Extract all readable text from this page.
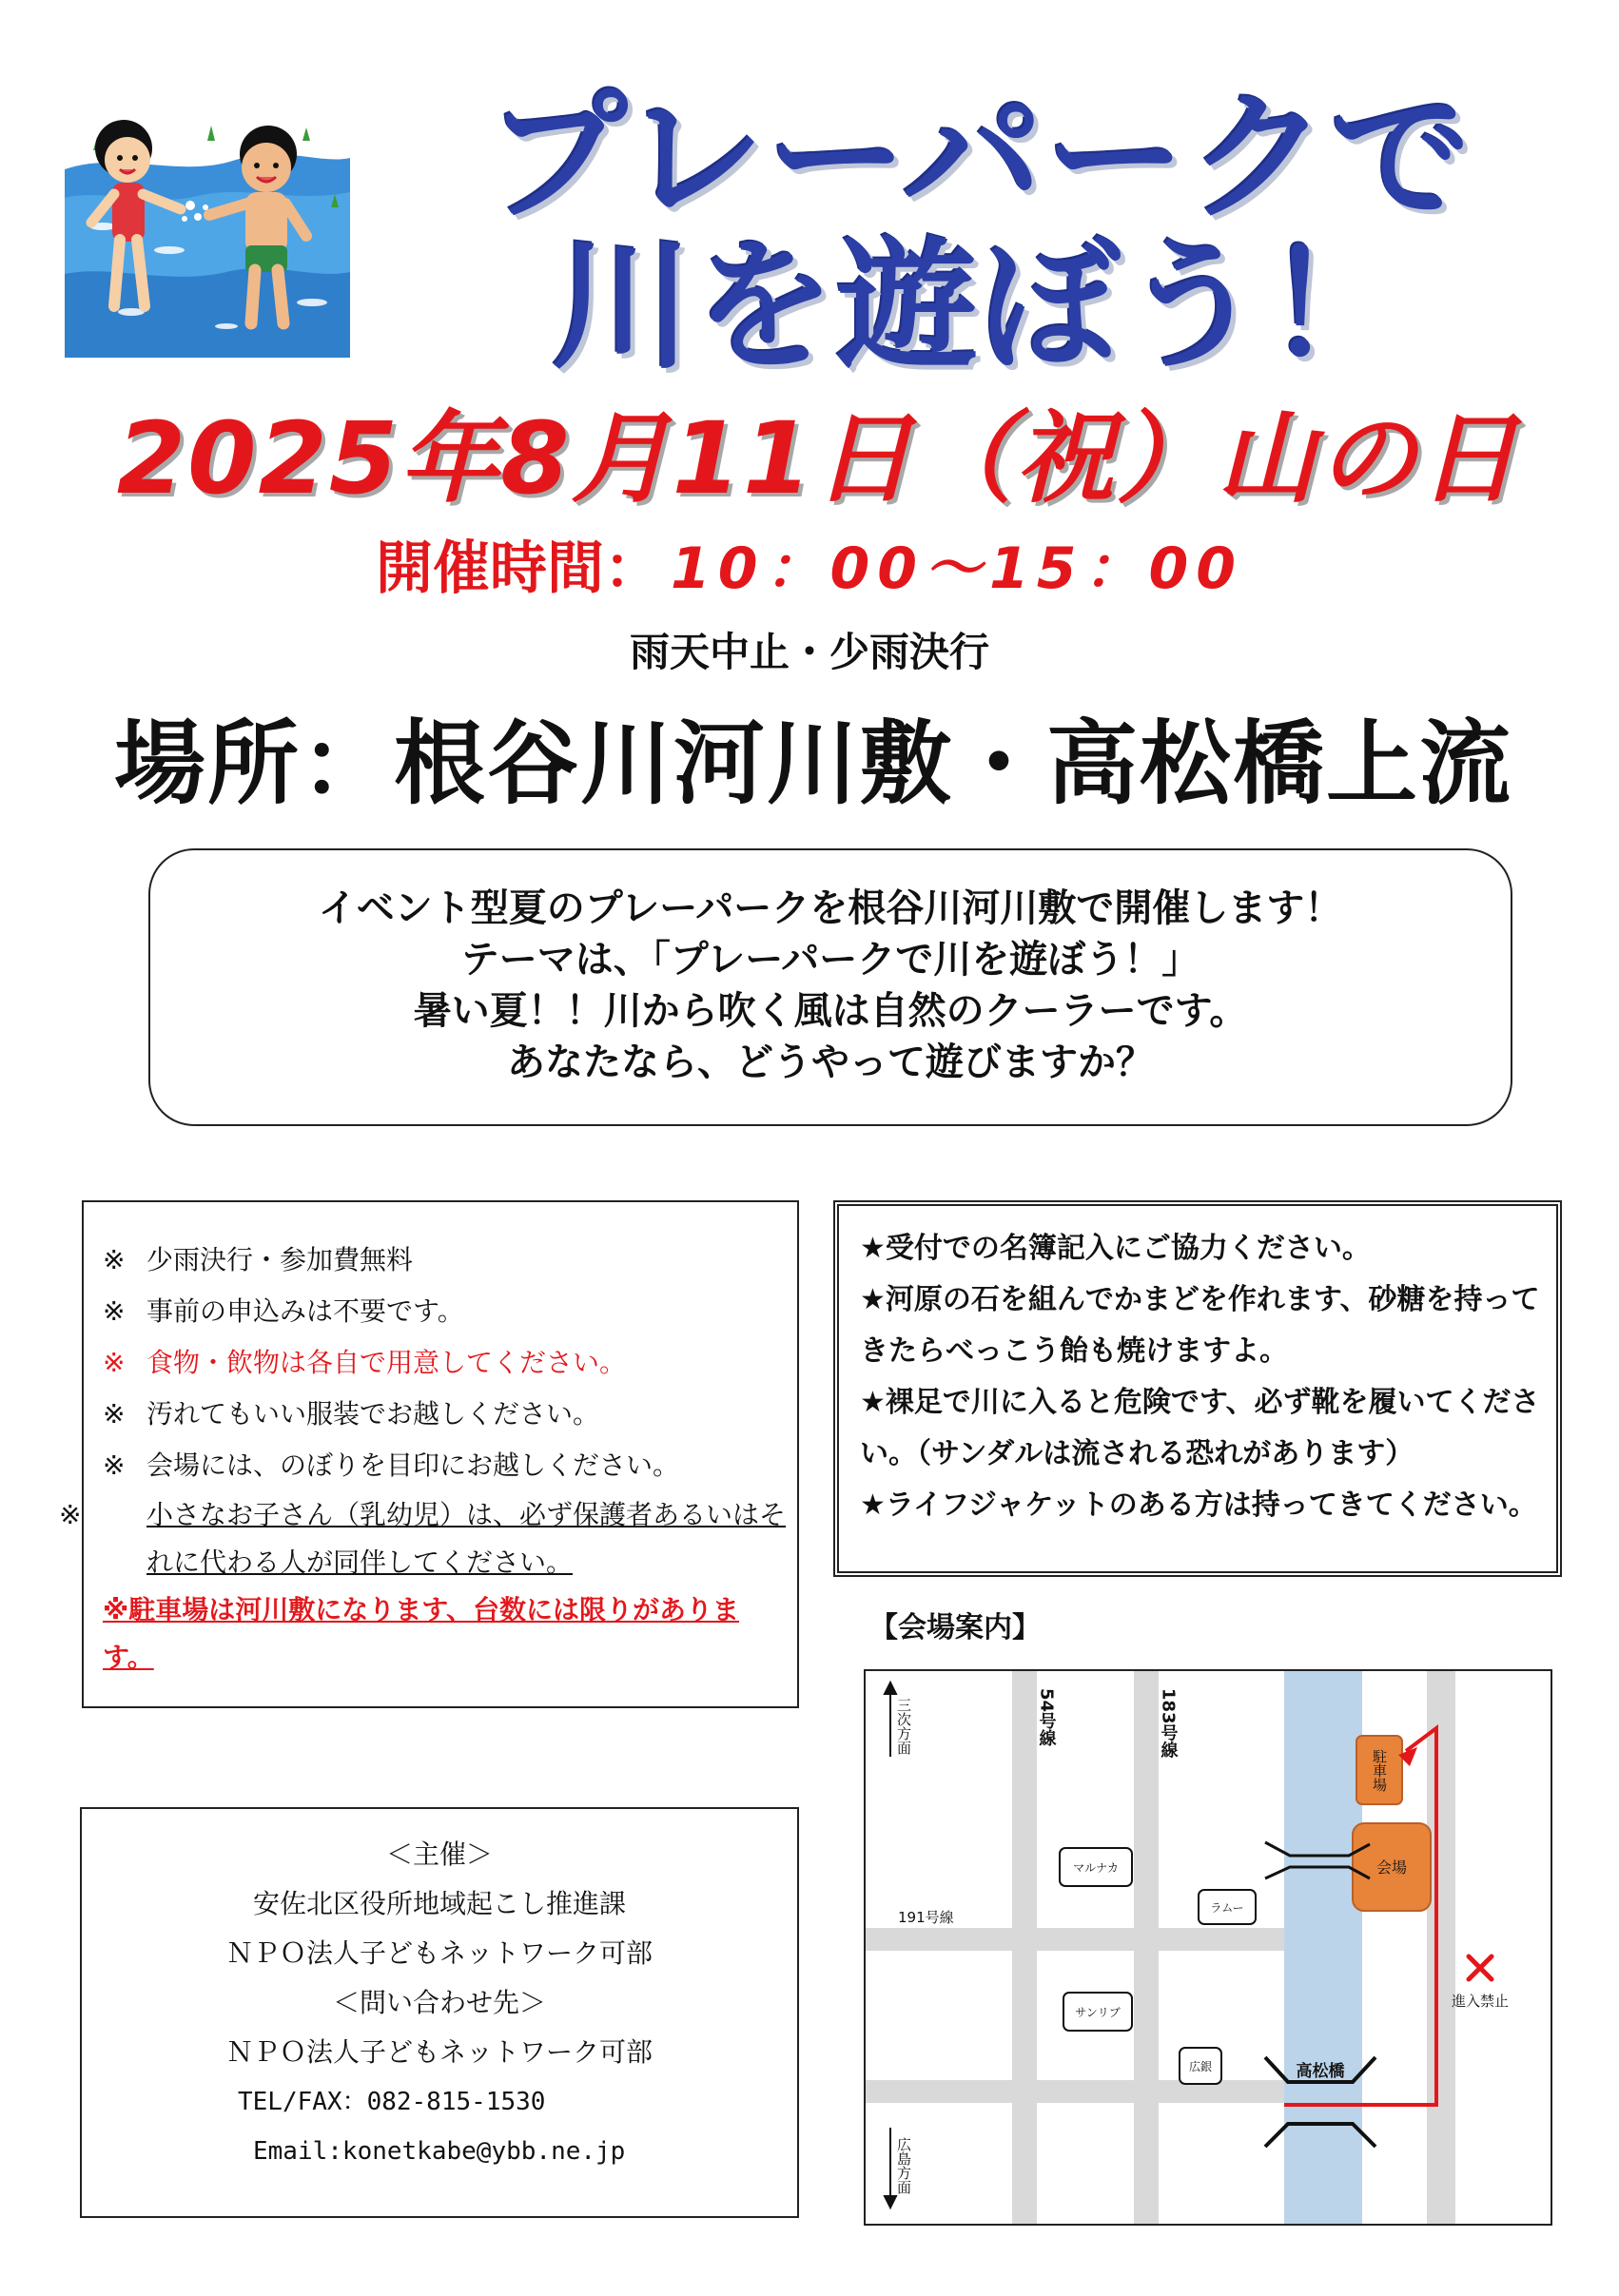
プレーパークで
川を遊ぼう！
2025年8月11日（祝）山の日
開催時間： 10：00〜15：00
雨天中止・少雨決行
場所：根谷川河川敷・高松橋上流
イベント型夏のプレーパークを根谷川河川敷で開催します！
テーマは、「プレーパークで川を遊ぼう！」
暑い夏！！川から吹く風は自然のクーラーです。
あなたなら、どうやって遊びますか？
※ 少雨決行・参加費無料
※ 事前の申込みは不要です。
※ 食物・飲物は各自で用意してください。
※ 汚れてもいい服装でお越しください。
※ 会場には、のぼりを目印にお越しください。
※ 小さなお子さん（乳幼児）は、必ず保護者あるいはそれに代わる人が同伴してください。
※駐車場は河川敷になります、台数には限りがあります。
★受付での名簿記入にご協力ください。
★河原の石を組んでかまどを作れます、砂糖を持ってきたらべっこう飴も焼けますよ。
★裸足で川に入ると危険です、必ず靴を履いてください。（サンダルは流される恐れがあります）
★ライフジャケットのある方は持ってきてください。
＜主催＞
安佐北区役所地域起こし推進課
ＮＰＯ法人子どもネットワーク可部
＜問い合わせ先＞
ＮＰＯ法人子どもネットワーク可部
TEL/FAX：082-815-1530
Email:konetkabe@ybb.ne.jp
【会場案内】
三次方面
広島方面
54号線	183号線
191号線
マルナカ
ラムー
サンリブ
広銀
駐車場
会場
高松橋
進入禁止
